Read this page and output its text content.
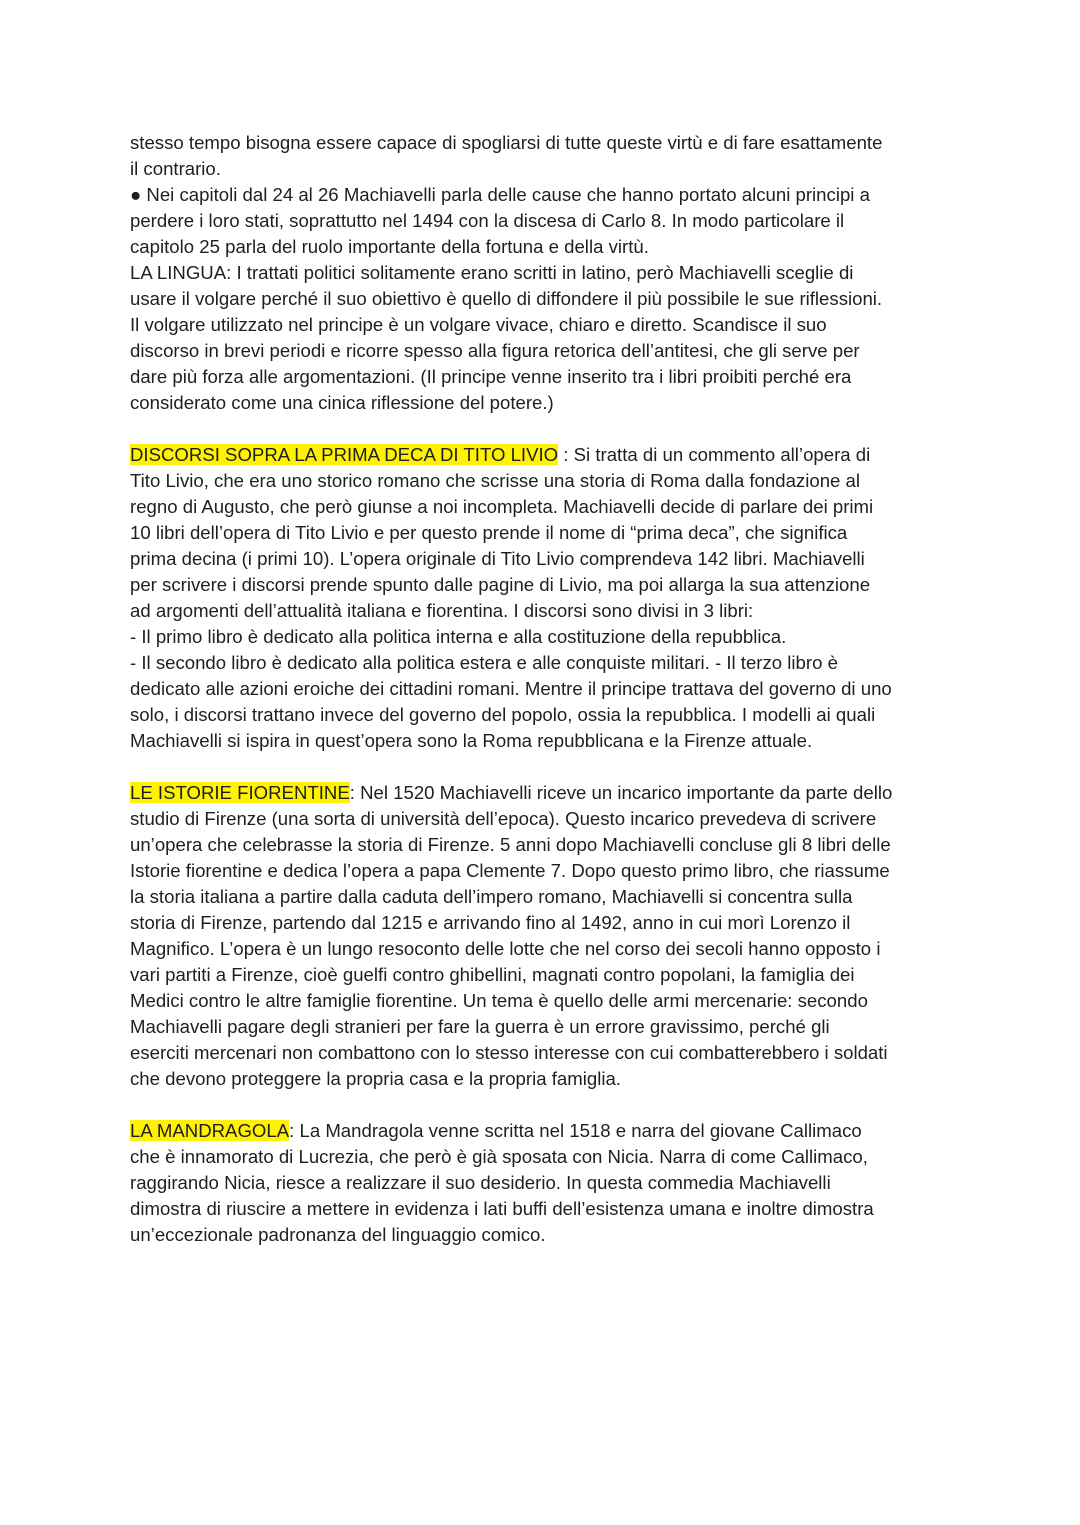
stesso tempo bisogna essere capace di spogliarsi di tutte queste virtù e di fare esattamente
il contrario.
● Nei capitoli dal 24 al 26 Machiavelli parla delle cause che hanno portato alcuni principi a
perdere i loro stati, soprattutto nel 1494 con la discesa di Carlo 8. In modo particolare il
capitolo 25 parla del ruolo importante della fortuna e della virtù.
LA LINGUA: I trattati politici solitamente erano scritti in latino, però Machiavelli sceglie di
usare il volgare perché il suo obiettivo è quello di diffondere il più possibile le sue riflessioni.
Il volgare utilizzato nel principe è un volgare vivace, chiaro e diretto. Scandisce il suo
discorso in brevi periodi e ricorre spesso alla figura retorica dell’antitesi, che gli serve per
dare più forza alle argomentazioni. (Il principe venne inserito tra i libri proibiti perché era
considerato come una cinica riflessione del potere.)
DISCORSI SOPRA LA PRIMA DECA DI TITO LIVIO : Si tratta di un commento all’opera di
Tito Livio, che era uno storico romano che scrisse una storia di Roma dalla fondazione al
regno di Augusto, che però giunse a noi incompleta. Machiavelli decide di parlare dei primi
10 libri dell’opera di Tito Livio e per questo prende il nome di “prima deca”, che significa
prima decina (i primi 10). L’opera originale di Tito Livio comprendeva 142 libri. Machiavelli
per scrivere i discorsi prende spunto dalle pagine di Livio, ma poi allarga la sua attenzione
ad argomenti dell’attualità italiana e fiorentina. I discorsi sono divisi in 3 libri:
- Il primo libro è dedicato alla politica interna e alla costituzione della repubblica.
- Il secondo libro è dedicato alla politica estera e alle conquiste militari. - Il terzo libro è
dedicato alle azioni eroiche dei cittadini romani. Mentre il principe trattava del governo di uno
solo, i discorsi trattano invece del governo del popolo, ossia la repubblica. I modelli ai quali
Machiavelli si ispira in quest’opera sono la Roma repubblicana e la Firenze attuale.
LE ISTORIE FIORENTINE: Nel 1520 Machiavelli riceve un incarico importante da parte dello
studio di Firenze (una sorta di università dell’epoca). Questo incarico prevedeva di scrivere
un’opera che celebrasse la storia di Firenze. 5 anni dopo Machiavelli concluse gli 8 libri delle
Istorie fiorentine e dedica l’opera a papa Clemente 7. Dopo questo primo libro, che riassume
la storia italiana a partire dalla caduta dell’impero romano, Machiavelli si concentra sulla
storia di Firenze, partendo dal 1215 e arrivando fino al 1492, anno in cui morì Lorenzo il
Magnifico. L’opera è un lungo resoconto delle lotte che nel corso dei secoli hanno opposto i
vari partiti a Firenze, cioè guelfi contro ghibellini, magnati contro popolani, la famiglia dei
Medici contro le altre famiglie fiorentine. Un tema è quello delle armi mercenarie: secondo
Machiavelli pagare degli stranieri per fare la guerra è un errore gravissimo, perché gli
eserciti mercenari non combattono con lo stesso interesse con cui combatterebbero i soldati
che devono proteggere la propria casa e la propria famiglia.
LA MANDRAGOLA: La Mandragola venne scritta nel 1518 e narra del giovane Callimaco
che è innamorato di Lucrezia, che però è già sposata con Nicia. Narra di come Callimaco,
raggirando Nicia, riesce a realizzare il suo desiderio. In questa commedia Machiavelli
dimostra di riuscire a mettere in evidenza i lati buffi dell’esistenza umana e inoltre dimostra
un’eccezionale padronanza del linguaggio comico.
